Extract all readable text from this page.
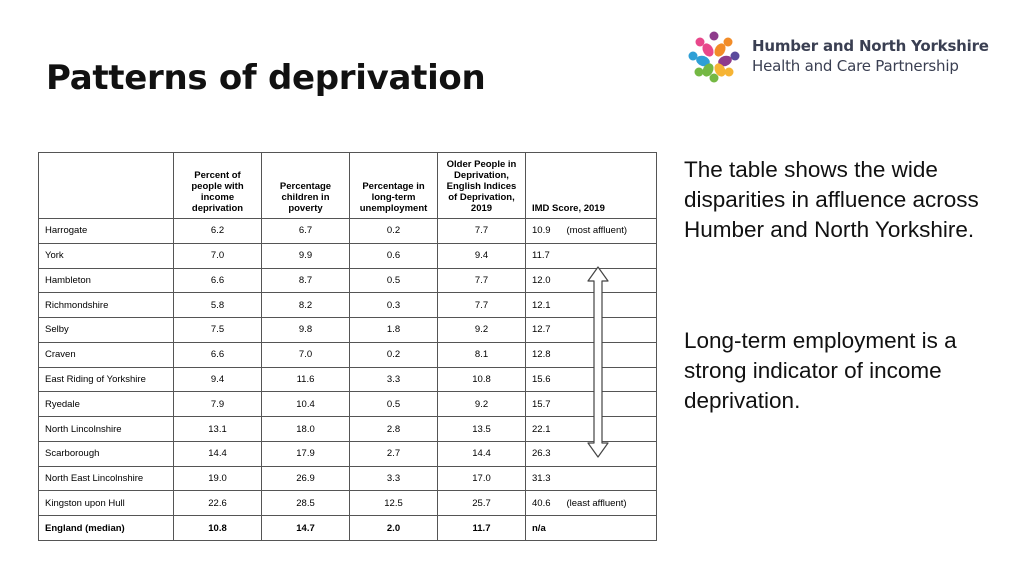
Patterns of deprivation
Humber and North Yorkshire
Health and Care Partnership
	Percent of people with income deprivation	Percentage children in poverty	Percentage in long-term unemployment	Older People in Deprivation, English Indices of Deprivation, 2019	IMD Score, 2019
Harrogate	6.2	6.7	0.2	7.7	10.9 (most affluent)
York	7.0	9.9	0.6	9.4	11.7
Hambleton	6.6	8.7	0.5	7.7	12.0
Richmondshire	5.8	8.2	0.3	7.7	12.1
Selby	7.5	9.8	1.8	9.2	12.7
Craven	6.6	7.0	0.2	8.1	12.8
East Riding of Yorkshire	9.4	11.6	3.3	10.8	15.6
Ryedale	7.9	10.4	0.5	9.2	15.7
North Lincolnshire	13.1	18.0	2.8	13.5	22.1
Scarborough	14.4	17.9	2.7	14.4	26.3
North East Lincolnshire	19.0	26.9	3.3	17.0	31.3
Kingston upon Hull	22.6	28.5	12.5	25.7	40.6 (least affluent)
England (median)	10.8	14.7	2.0	11.7	n/a

The table shows the wide disparities in affluence across Humber and North Yorkshire.

Long-term employment is a strong indicator of income deprivation.
